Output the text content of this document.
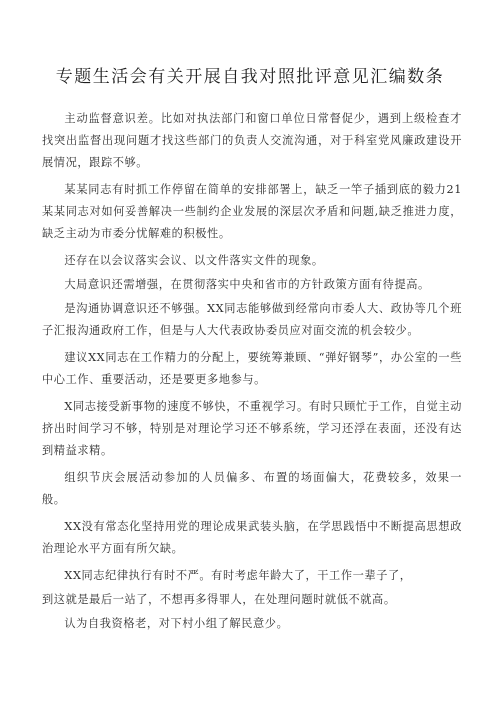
专题生活会有关开展自我对照批评意见汇编数条

主动监督意识差。比如对执法部门和窗口单位日常督促少，遇到上级检查才找突出监督出现问题才找这些部门的负责人交流沟通，对于科室党风廉政建设开展情况，跟踪不够。

某某同志有时抓工作停留在简单的安排部署上，缺乏一竿子插到底的毅力21某某同志对如何妥善解决一些制约企业发展的深层次矛盾和问题,缺乏推进力度，缺乏主动为市委分忧解难的积极性。

还存在以会议落实会议、以文件落实文件的现象。

大局意识还需增强，在贯彻落实中央和省市的方针政策方面有待提高。

是沟通协调意识还不够强。XX同志能够做到经常向市委人大、政协等几个班子汇报沟通政府工作，但是与人大代表政协委员应对面交流的机会较少。

建议XX同志在工作精力的分配上，要统筹兼顾、“弹好钢琴”，办公室的一些中心工作、重要活动，还是要更多地参与。

X同志接受新事物的速度不够快，不重视学习。有时只顾忙于工作，自觉主动挤出时间学习不够，特别是对理论学习还不够系统，学习还浮在表面，还没有达到精益求精。

组织节庆会展活动参加的人员偏多、布置的场面偏大，花费较多，效果一般。

XX没有常态化坚持用党的理论成果武装头脑，在学思践悟中不断提高思想政治理论水平方面有所欠缺。

XX同志纪律执行有时不严。有时考虑年龄大了，干工作一辈子了，

到这就是最后一站了，不想再多得罪人，在处理问题时就低不就高。

认为自我资格老，对下村小组了解民意少。
